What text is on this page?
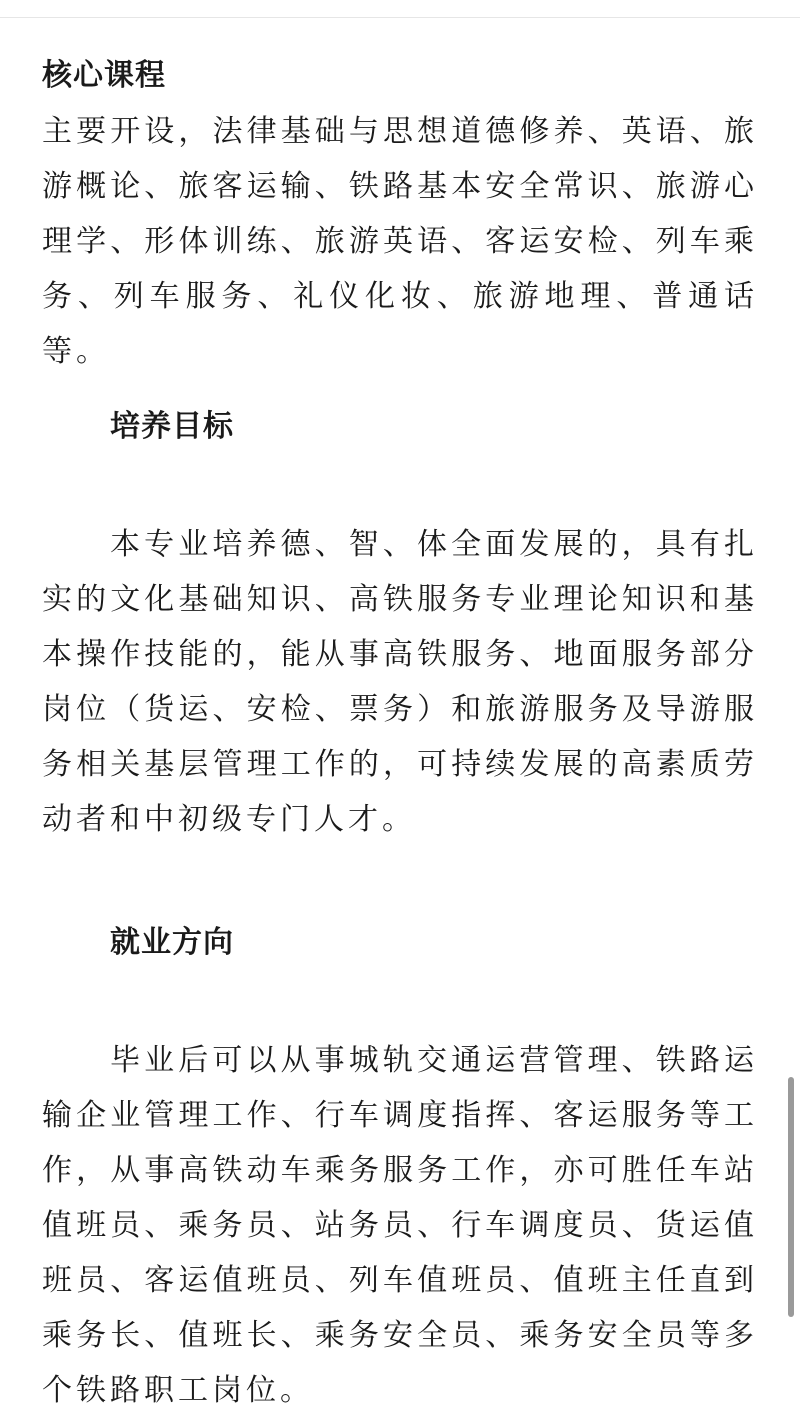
核心课程

主要开设，法律基础与思想道德修养、英语、旅游概论、旅客运输、铁路基本安全常识、旅游心理学、形体训练、旅游英语、客运安检、列车乘务、列车服务、礼仪化妆、旅游地理、普通话等。

培养目标

本专业培养德、智、体全面发展的，具有扎实的文化基础知识、高铁服务专业理论知识和基本操作技能的，能从事高铁服务、地面服务部分岗位（货运、安检、票务）和旅游服务及导游服务相关基层管理工作的，可持续发展的高素质劳动者和中初级专门人才。

就业方向

毕业后可以从事城轨交通运营管理、铁路运输企业管理工作、行车调度指挥、客运服务等工作，从事高铁动车乘务服务工作，亦可胜任车站值班员、乘务员、站务员、行车调度员、货运值班员、客运值班员、列车值班员、值班主任直到乘务长、值班长、乘务安全员、乘务安全员等多个铁路职工岗位。
